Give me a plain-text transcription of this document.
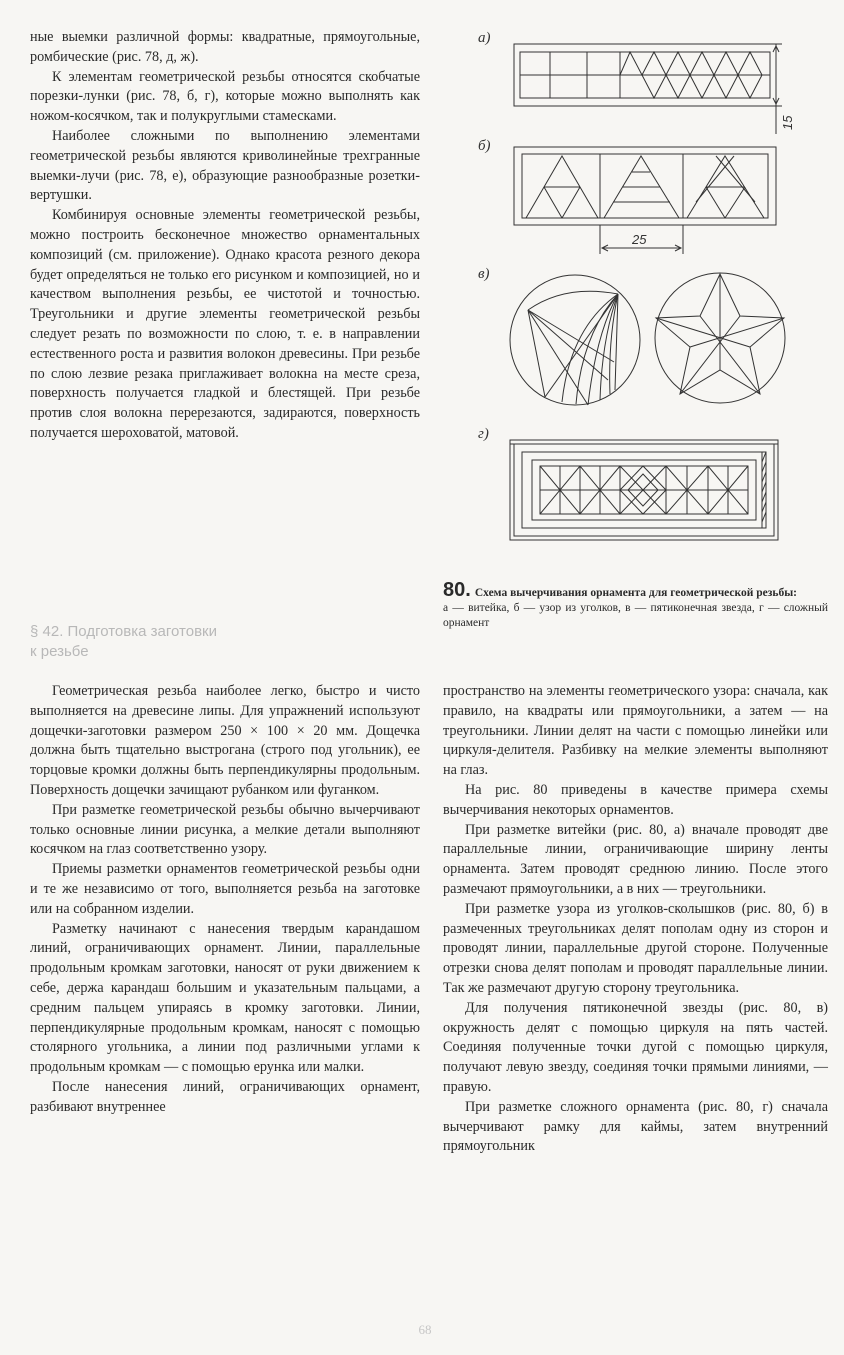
ные выемки различной формы: квадратные, прямоугольные, ромбические (рис. 78, д, ж).

К элементам геометрической резьбы относятся скобчатые порезки-лунки (рис. 78, б, г), которые можно выполнять как ножом-косячком, так и полукруглыми стамесками.

Наиболее сложными по выполнению элементами геометрической резьбы являются криволинейные трехгранные выемки-лучи (рис. 78, е), образующие разнообразные розетки-вертушки.

Комбинируя основные элементы геометрической резьбы, можно построить бесконечное множество орнаментальных композиций (см. приложение). Однако красота резного декора будет определяться не только его рисунком и композицией, но и качеством выполнения резьбы, ее чистотой и точностью. Треугольники и другие элементы геометрической резьбы следует резать по возможности по слою, т. е. в направлении естественного роста и развития волокон древесины. При резьбе по слою лезвие резака приглаживает волокна на месте среза, поверхность получается гладкой и блестящей. При резьбе против слоя волокна перерезаются, задираются, поверхность получается шероховатой, матовой.

§ 42. Подготовка заготовки
к резьбе
15
25
а)
б)
в)
г)
80. Схема вычерчивания орнамента для геометрической резьбы:
а — витейка, б — узор из уголков, в — пятиконечная звезда, г — сложный орнамент

Геометрическая резьба наиболее легко, быстро и чисто выполняется на древесине липы. Для упражнений используют дощечки-заготовки размером 250 × 100 × 20 мм. Дощечка должна быть тщательно выстрогана (строго под угольник), ее торцовые кромки должны быть перпендикулярны продольным. Поверхность дощечки зачищают рубанком или фуганком.

При разметке геометрической резьбы обычно вычерчивают только основные линии рисунка, а мелкие детали выполняют косячком на глаз соответственно узору.

Приемы разметки орнаментов геометрической резьбы одни и те же независимо от того, выполняется резьба на заготовке или на собранном изделии.

Разметку начинают с нанесения твердым карандашом линий, ограничивающих орнамент. Линии, параллельные продольным кромкам заготовки, наносят от руки движением к себе, держа карандаш большим и указательным пальцами, а средним пальцем упираясь в кромку заготовки. Линии, перпендикулярные продольным кромкам, наносят с помощью столярного угольника, а линии под различными углами к продольным кромкам — с помощью ерунка или малки.

После нанесения линий, ограничивающих орнамент, разбивают внутреннее

пространство на элементы геометрического узора: сначала, как правило, на квадраты или прямоугольники, а затем — на треугольники. Линии делят на части с помощью линейки или циркуля-делителя. Разбивку на мелкие элементы выполняют на глаз.

На рис. 80 приведены в качестве примера схемы вычерчивания некоторых орнаментов.

При разметке витейки (рис. 80, а) вначале проводят две параллельные линии, ограничивающие ширину ленты орнамента. Затем проводят среднюю линию. После этого размечают прямоугольники, а в них — треугольники.

При разметке узора из уголков-сколышков (рис. 80, б) в размеченных треугольниках делят пополам одну из сторон и проводят линии, параллельные другой стороне. Полученные отрезки снова делят пополам и проводят параллельные линии. Так же размечают другую сторону треугольника.

Для получения пятиконечной звезды (рис. 80, в) окружность делят с помощью циркуля на пять частей. Соединяя полученные точки дугой с помощью циркуля, получают левую звезду, соединяя точки прямыми линиями, — правую.

При разметке сложного орнамента (рис. 80, г) сначала вычерчивают рамку для каймы, затем внутренний прямоугольник

68
